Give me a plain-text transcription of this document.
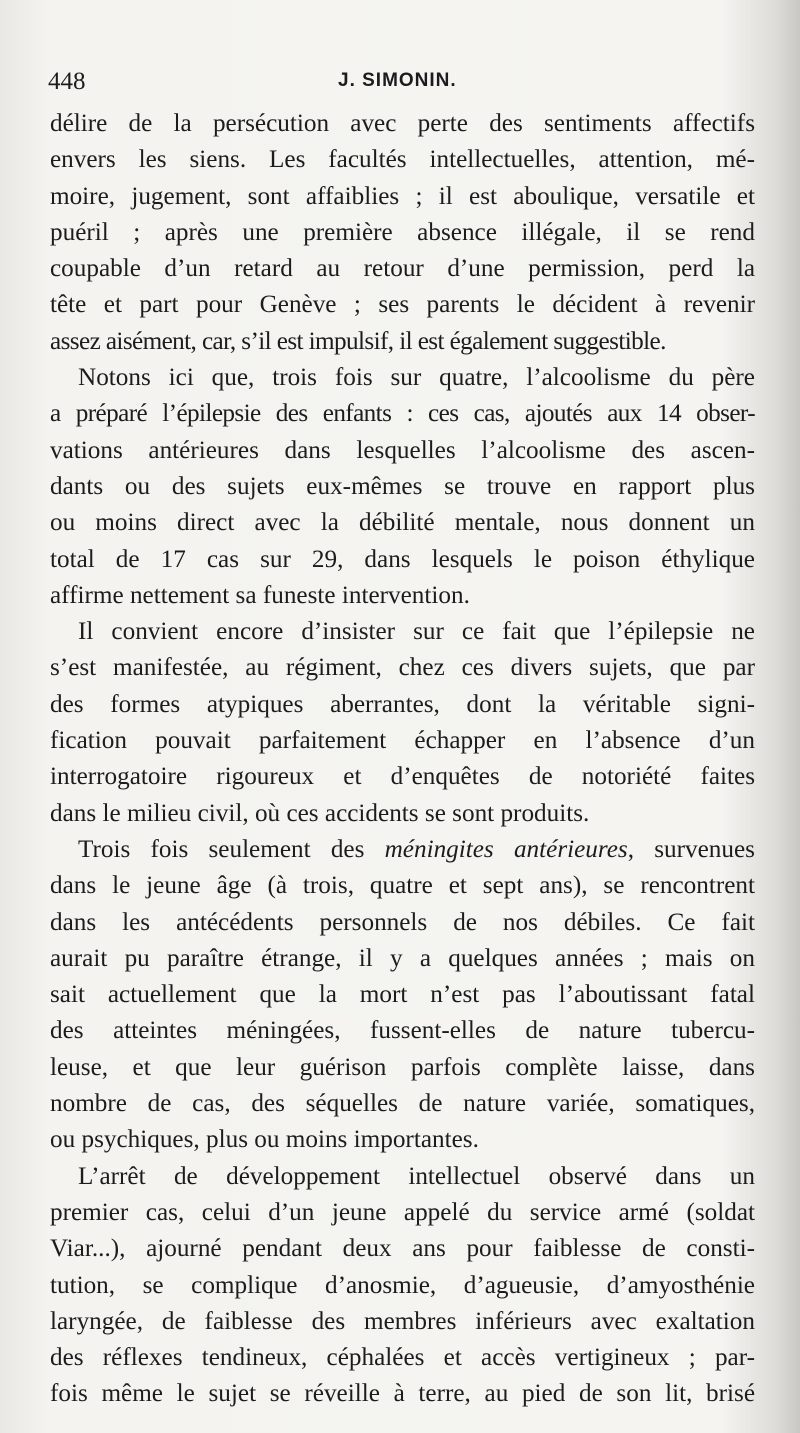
448	J. SIMONIN.
délire de la persécution avec perte des sentiments affectifs
envers les siens. Les facultés intellectuelles, attention, mé-
moire, jugement, sont affaiblies ; il est aboulique, versatile et
puéril ; après une première absence illégale, il se rend
coupable d’un retard au retour d’une permission, perd la
tête et part pour Genève ; ses parents le décident à revenir
assez aisément, car, s’il est impulsif, il est également suggestible.
Notons ici que, trois fois sur quatre, l’alcoolisme du père
a préparé l’épilepsie des enfants : ces cas, ajoutés aux 14 obser-
vations antérieures dans lesquelles l’alcoolisme des ascen-
dants ou des sujets eux-mêmes se trouve en rapport plus
ou moins direct avec la débilité mentale, nous donnent un
total de 17 cas sur 29, dans lesquels le poison éthylique
affirme nettement sa funeste intervention.
Il convient encore d’insister sur ce fait que l’épilepsie ne
s’est manifestée, au régiment, chez ces divers sujets, que par
des formes atypiques aberrantes, dont la véritable signi-
fication pouvait parfaitement échapper en l’absence d’un
interrogatoire rigoureux et d’enquêtes de notoriété faites
dans le milieu civil, où ces accidents se sont produits.
Trois fois seulement des méningites antérieures, survenues
dans le jeune âge (à trois, quatre et sept ans), se rencontrent
dans les antécédents personnels de nos débiles. Ce fait
aurait pu paraître étrange, il y a quelques années ; mais on
sait actuellement que la mort n’est pas l’aboutissant fatal
des atteintes méningées, fussent-elles de nature tubercu-
leuse, et que leur guérison parfois complète laisse, dans
nombre de cas, des séquelles de nature variée, somatiques,
ou psychiques, plus ou moins importantes.
L’arrêt de développement intellectuel observé dans un
premier cas, celui d’un jeune appelé du service armé (soldat
Viar...), ajourné pendant deux ans pour faiblesse de consti-
tution, se complique d’anosmie, d’agueusie, d’amyosthénie
laryngée, de faiblesse des membres inférieurs avec exaltation
des réflexes tendineux, céphalées et accès vertigineux ; par-
fois même le sujet se réveille à terre, au pied de son lit, brisé
